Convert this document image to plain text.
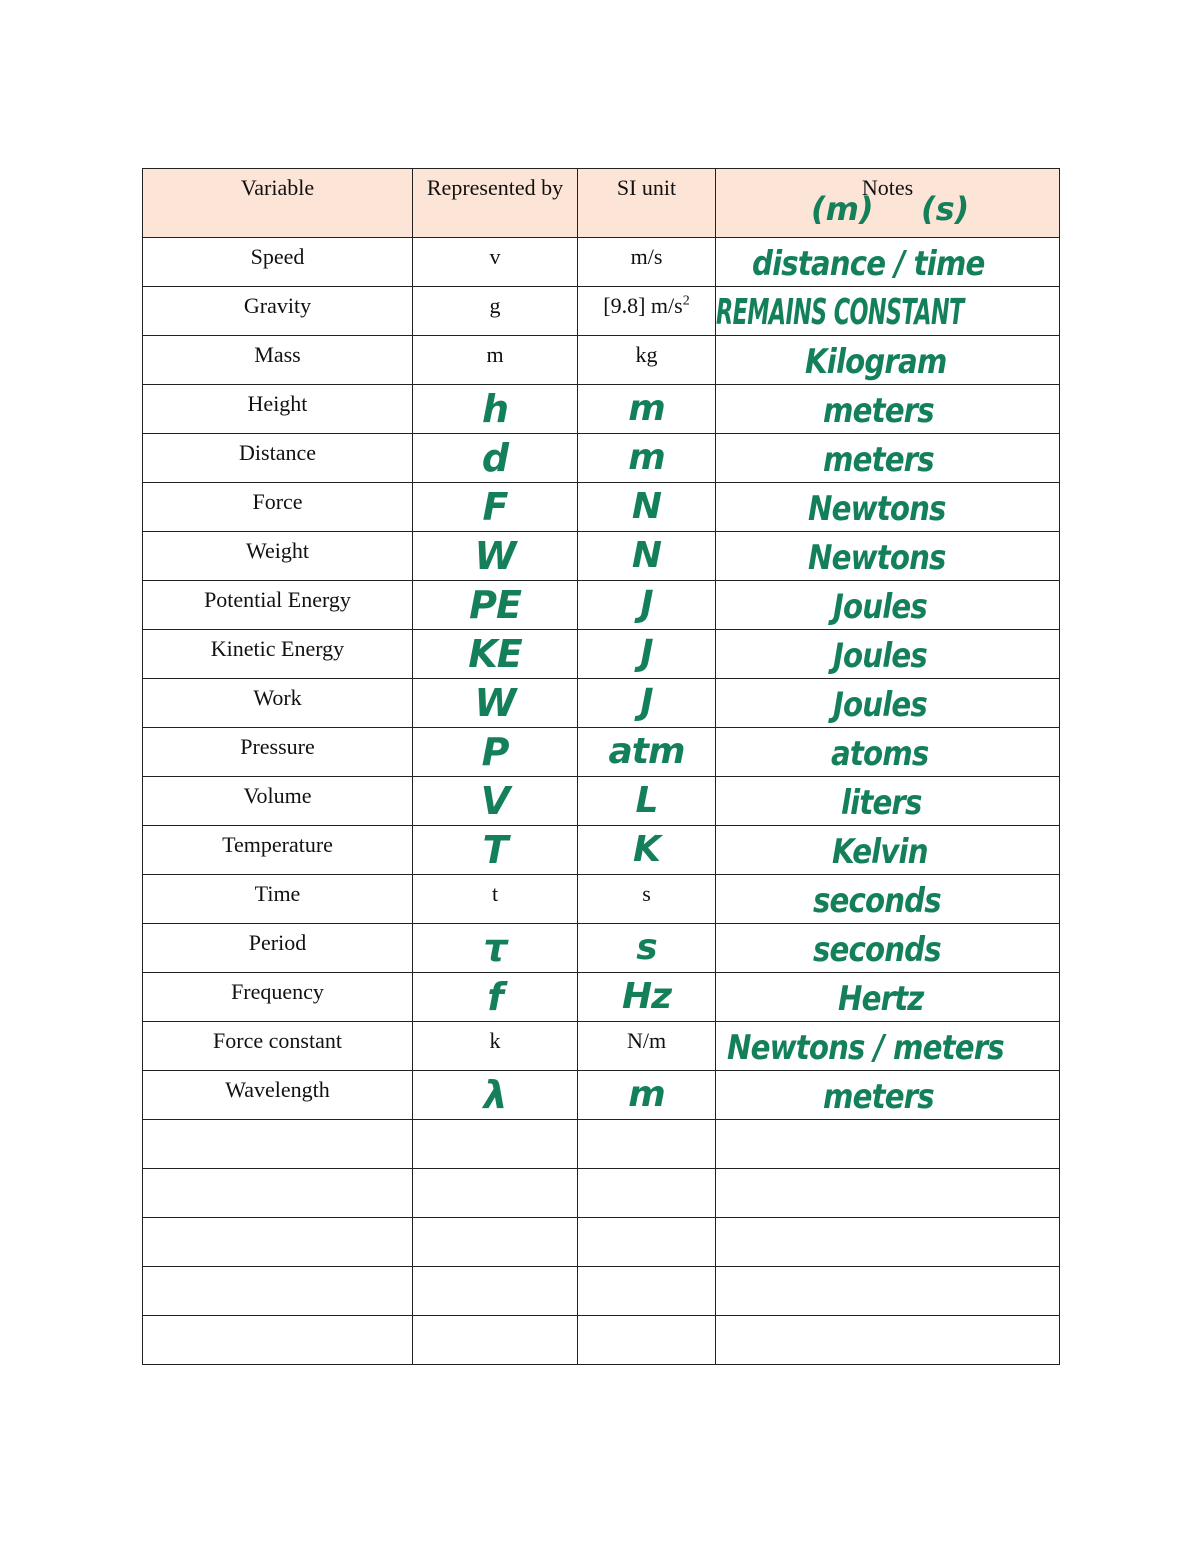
Variable	Represented by	SI unit	Notes
(m) (s)

Speed	v	m/s	distance / time
Gravity	g	[9.8] $m/s^2$	REMAINS CONSTANT
Mass	m	kg	Kilogram
Height	h	m	meters
Distance	d	m	meters
Force	F	N	Newtons
Weight	W	N	Newtons
Potential Energy	PE	J	Joules
Kinetic Energy	KE	J	Joules
Work	W	J	Joules
Pressure	P	atm	atoms
Volume	V	L	liters
Temperature	T	K	Kelvin
Time	t	s	seconds
Period	τ	s	seconds
Frequency	f	Hz	Hertz
Force constant	k	N/m	Newtons / meters
Wavelength	λ	m	meters
